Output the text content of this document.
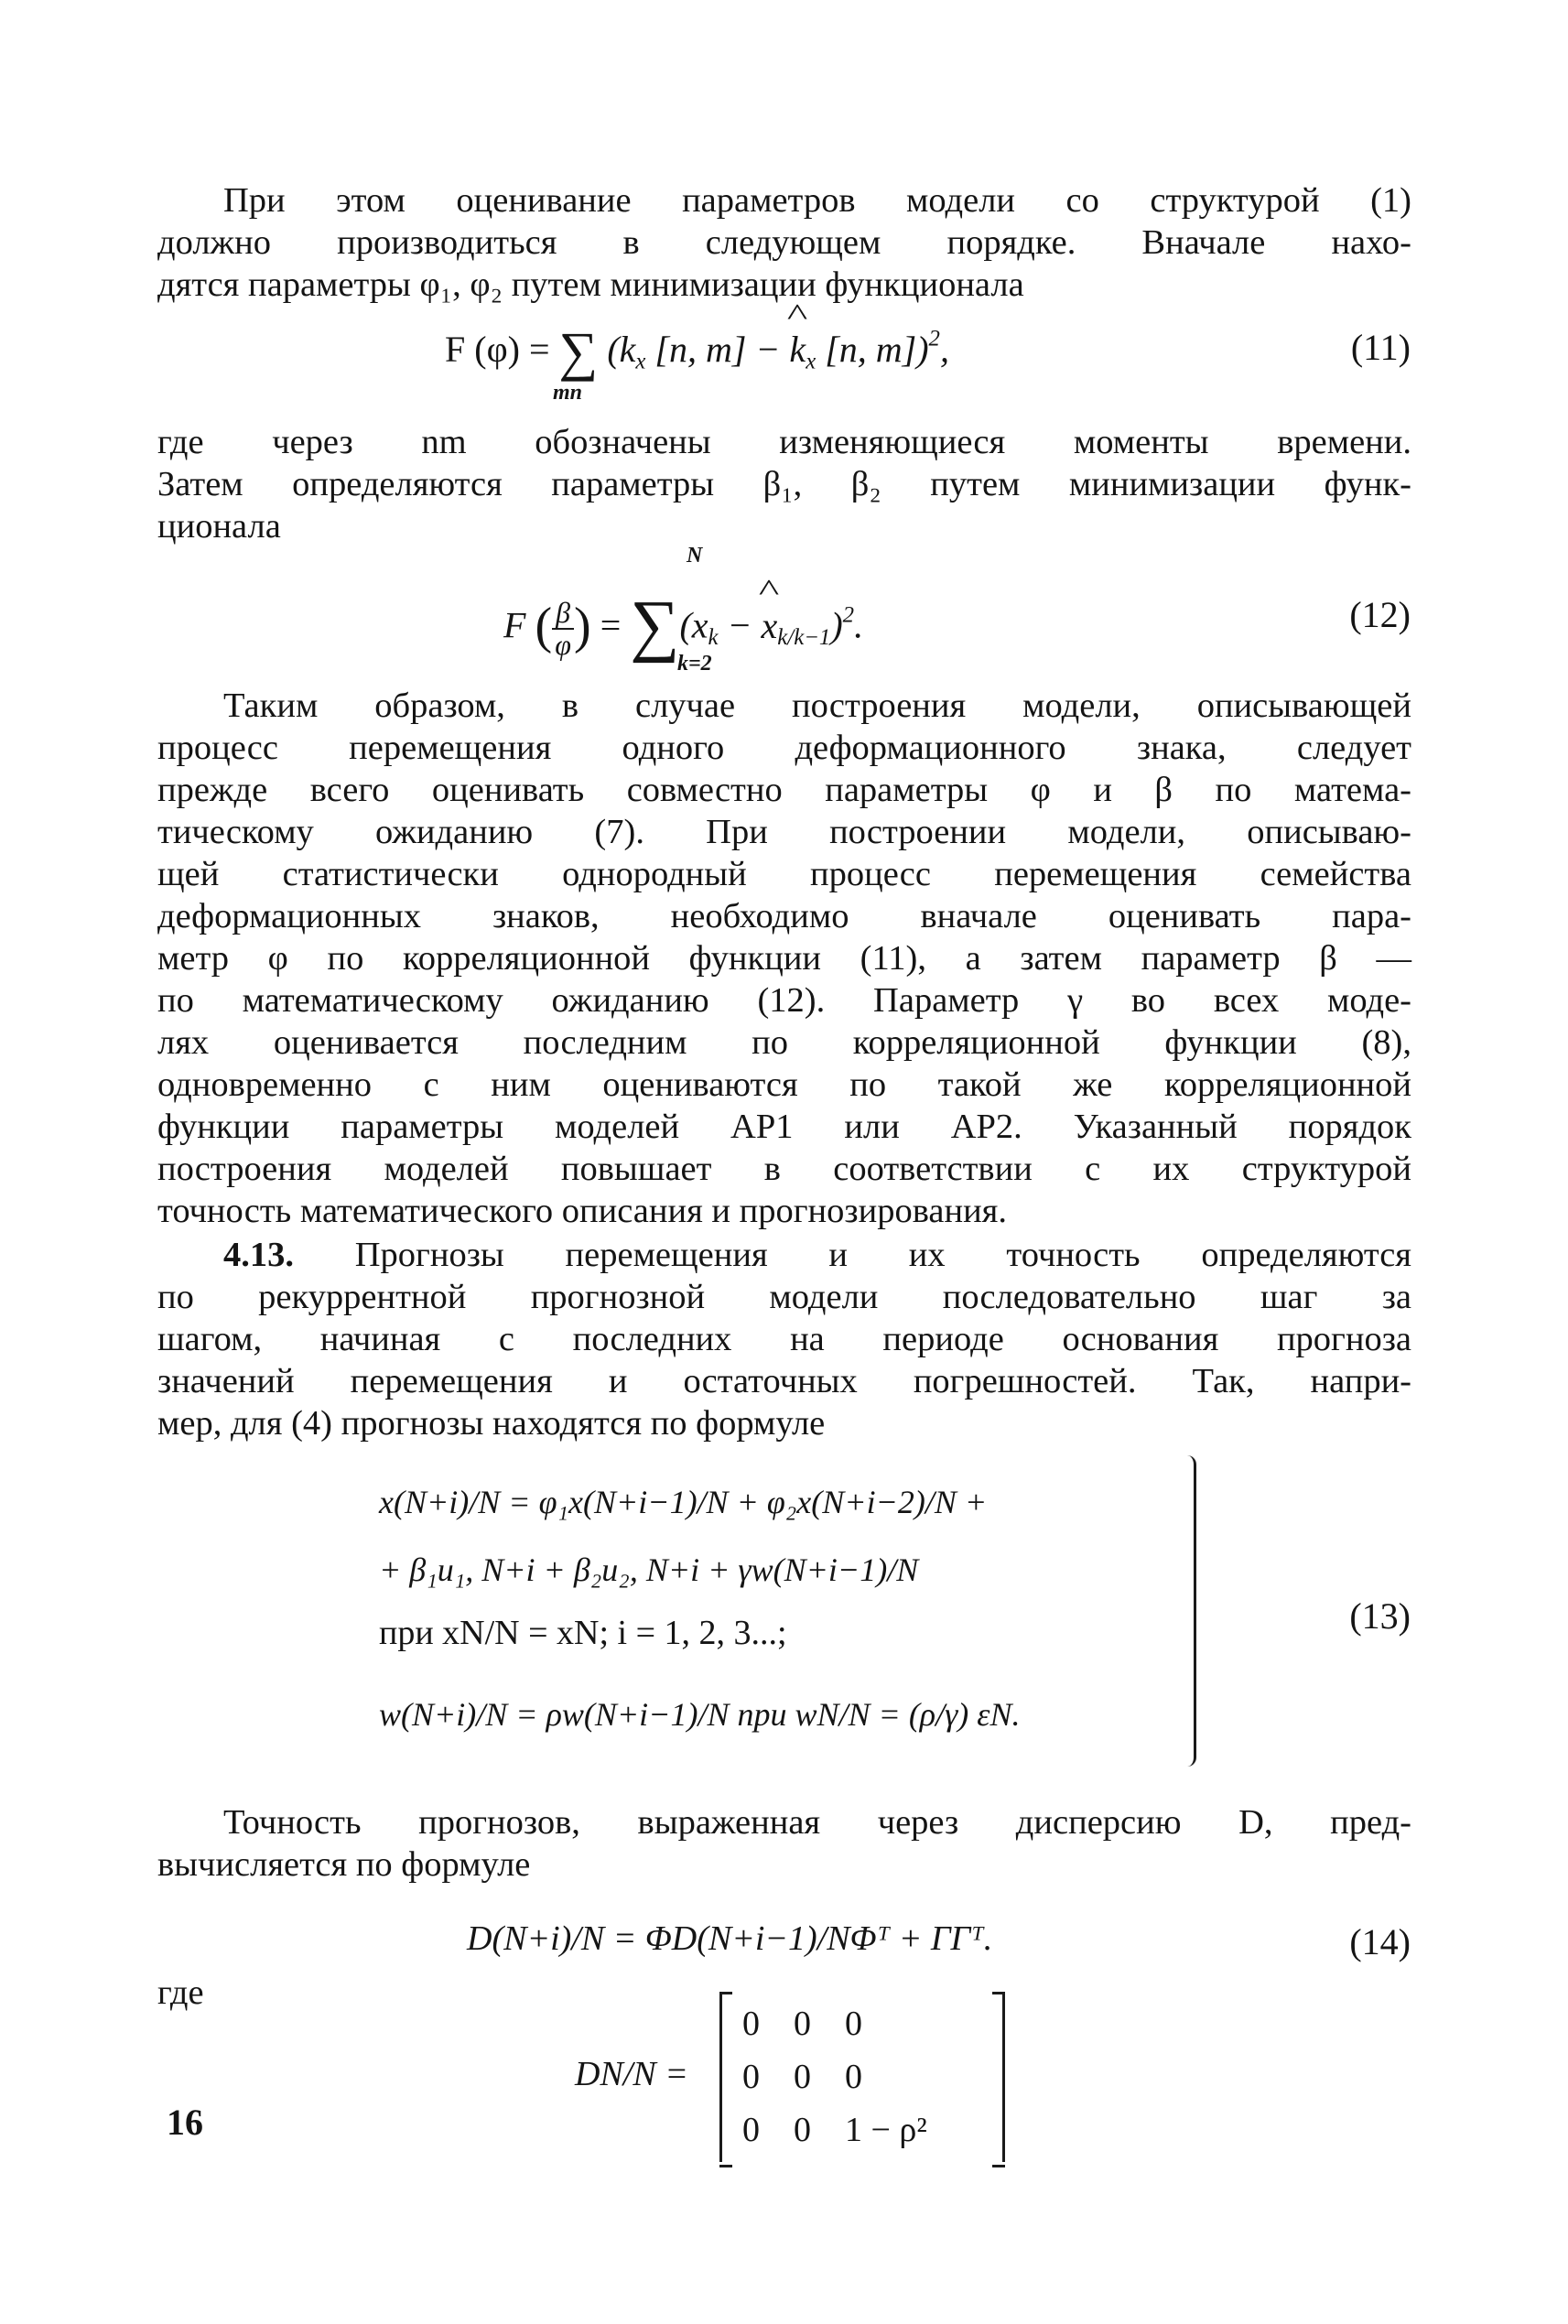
При этом оценивание параметров модели со структурой (1)
должно производиться в следующем порядке. Вначале нахо-
дятся параметры φ₁, φ₂ путем минимизации функционала
F (φ) = ∑ ($k_x$ [n, m] − ^ $k_x$ [n, m])$^2$,
mn
(11)
где через nm обозначены изменяющиеся моменты времени.
Затем определяются параметры β₁, β₂ путем минимизации функ-
ционала
F ( $\frac{\beta}{\varphi}$ ) = $\sum(x_k$ − ^ $x_{k/k-1})^2$.
N
k=2
(12)
Таким образом, в случае построения модели, описывающей
процесс перемещения одного деформационного знака, следует
прежде всего оценивать совместно параметры φ и β по матема-
тическому ожиданию (7). При построении модели, описываю-
щей статистически однородный процесс перемещения семейства
деформационных знаков, необходимо вначале оценивать пара-
метр φ по корреляционной функции (11), а затем параметр β —
по математическому ожиданию (12). Параметр γ во всех моде-
лях оценивается последним по корреляционной функции (8),
одновременно с ним оцениваются по такой же корреляционной
функции параметры моделей АР1 или АР2. Указанный порядок
построения моделей повышает в соответствии с их структурой
точность математического описания и прогнозирования.
4.13. Прогнозы перемещения и их точность определяются
по рекуррентной прогнозной модели последовательно шаг за
шагом, начиная с последних на периоде основания прогноза
значений перемещения и остаточных погрешностей. Так, напри-
мер, для (4) прогнозы находятся по формуле
x(N+i)/N = φ₁x(N+i−1)/N + φ₂x(N+i−2)/N +
+ β₁u₁, N+i + β₂u₂, N+i + γw(N+i−1)/N
при xN/N = xN; i = 1, 2, 3...;
w(N+i)/N = ρw(N+i−1)/N при wN/N = (ρ/γ) εN.
(13)
Точность прогнозов, выраженная через дисперсию D, пред-
вычисляется по формуле
D(N+i)/N = ΦD(N+i−1)/NΦᵀ + ΓΓᵀ.	(14)
где
DN/N =
0 0 0
0 0 0
0 0 1 − ρ²
16
